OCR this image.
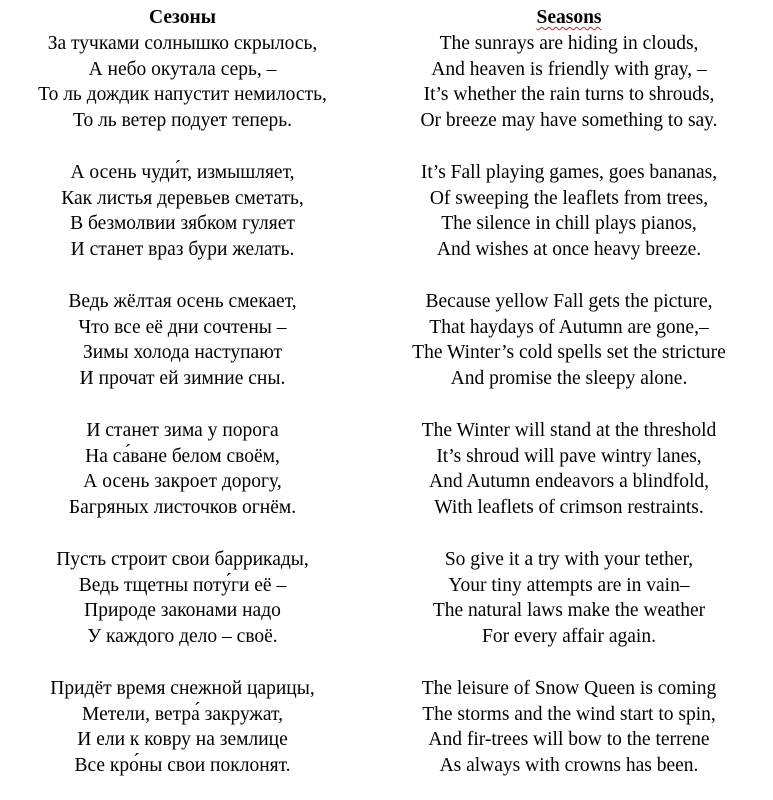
Сезоны
За тучками солнышко скрылось,
А небо окутала серь, –
То ль дождик напустит немилость,
То ль ветер подует теперь.
А осень чуди́т, измышляет,
Как листья деревьев сметать,
В безмолвии зябком гуляет
И станет враз бури желать.
Ведь жёлтая осень смекает,
Что все её дни сочтены –
Зимы холода наступают
И прочат ей зимние сны.
И станет зима у порога
На са́ване белом своём,
А осень закроет дорогу,
Багряных листочков огнём.
Пусть строит свои баррикады,
Ведь тщетны поту́ги её –
Природе законами надо
У каждого дело – своё.
Придёт время снежной царицы,
Метели, ветра́ закружат,
И ели к ковру на землице
Все кро́ны свои поклонят.
Seasons
The sunrays are hiding in clouds,
And heaven is friendly with gray, –
It’s whether the rain turns to shrouds,
Or breeze may have something to say.
It’s Fall playing games, goes bananas,
Of sweeping the leaflets from trees,
The silence in chill plays pianos,
And wishes at once heavy breeze.
Because yellow Fall gets the picture,
That haydays of Autumn are gone,–
The Winter’s cold spells set the stricture
And promise the sleepy alone.
The Winter will stand at the threshold
It’s shroud will pave wintry lanes,
And Autumn endeavors a blindfold,
With leaflets of crimson restraints.
So give it a try with your tether,
Your tiny attempts are in vain–
The natural laws make the weather
For every affair again.
The leisure of Snow Queen is coming
The storms and the wind start to spin,
And fir-trees will bow to the terrene
As always with crowns has been.
